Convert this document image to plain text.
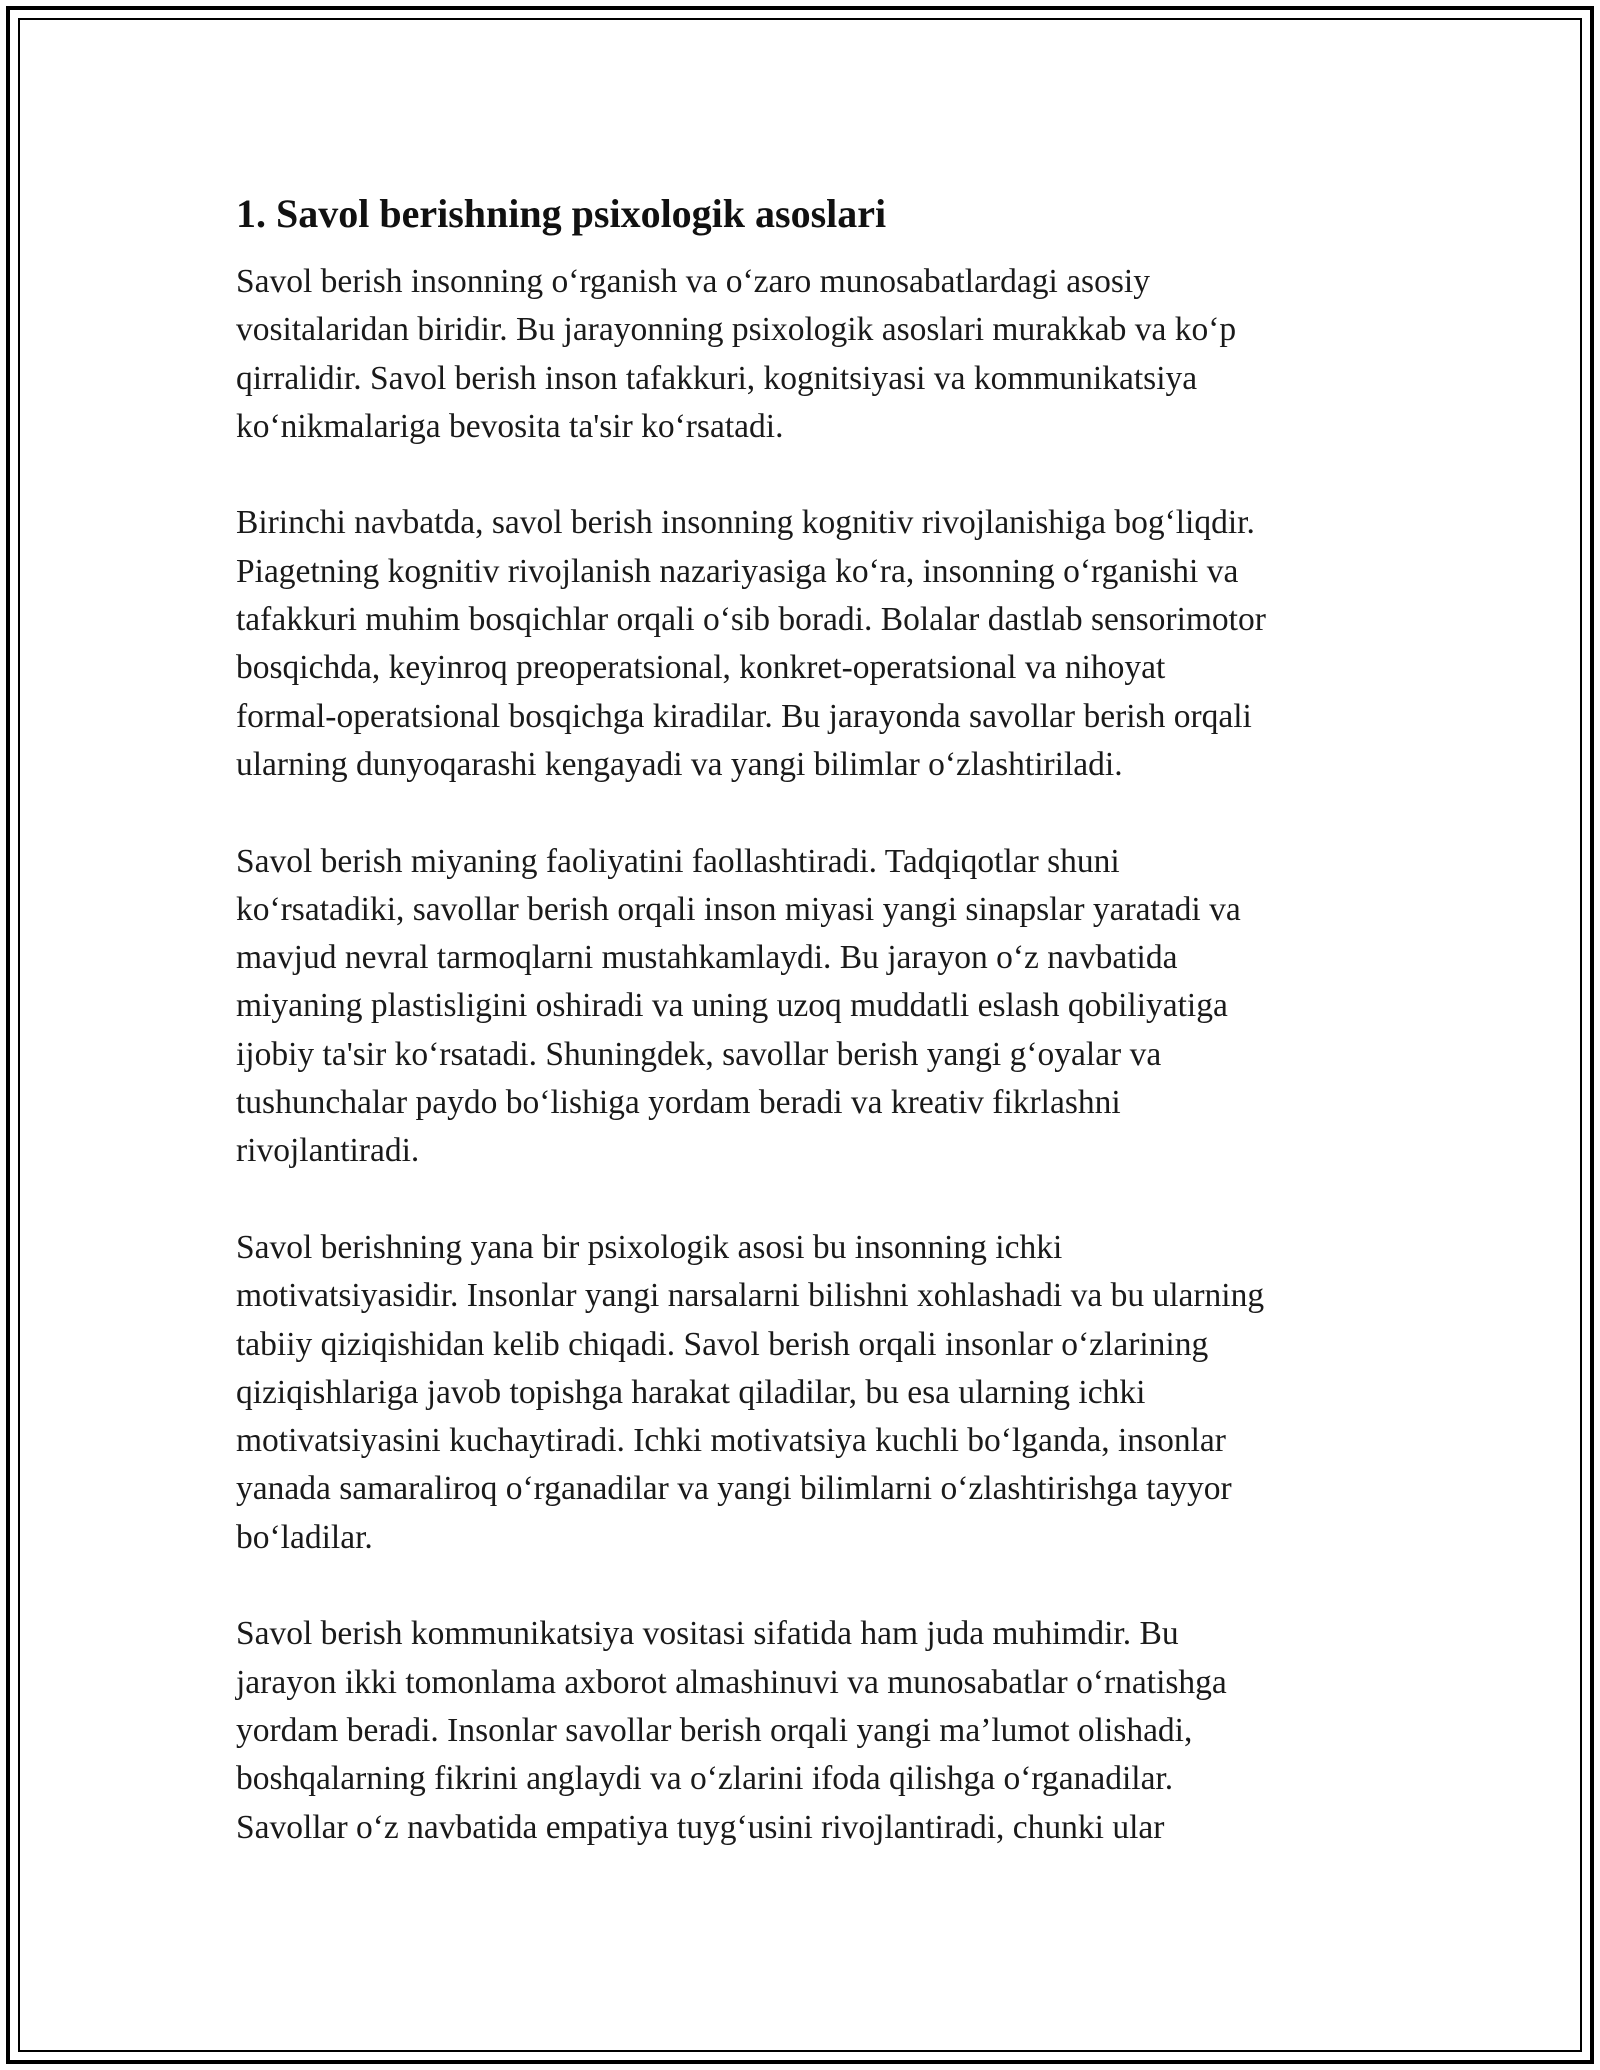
1. Savol berishning psixologik asoslari

Savol berish insonning o‘rganish va o‘zaro munosabatlardagi asosiy
vositalaridan biridir. Bu jarayonning psixologik asoslari murakkab va ko‘p
qirralidir. Savol berish inson tafakkuri, kognitsiyasi va kommunikatsiya
ko‘nikmalariga bevosita ta'sir ko‘rsatadi.

Birinchi navbatda, savol berish insonning kognitiv rivojlanishiga bog‘liqdir.
Piagetning kognitiv rivojlanish nazariyasiga ko‘ra, insonning o‘rganishi va
tafakkuri muhim bosqichlar orqali o‘sib boradi. Bolalar dastlab sensorimotor
bosqichda, keyinroq preoperatsional, konkret-operatsional va nihoyat
formal-operatsional bosqichga kiradilar. Bu jarayonda savollar berish orqali
ularning dunyoqarashi kengayadi va yangi bilimlar o‘zlashtiriladi.

Savol berish miyaning faoliyatini faollashtiradi. Tadqiqotlar shuni
ko‘rsatadiki, savollar berish orqali inson miyasi yangi sinapslar yaratadi va
mavjud nevral tarmoqlarni mustahkamlaydi. Bu jarayon o‘z navbatida
miyaning plastisligini oshiradi va uning uzoq muddatli eslash qobiliyatiga
ijobiy ta'sir ko‘rsatadi. Shuningdek, savollar berish yangi g‘oyalar va
tushunchalar paydo bo‘lishiga yordam beradi va kreativ fikrlashni
rivojlantiradi.

Savol berishning yana bir psixologik asosi bu insonning ichki
motivatsiyasidir. Insonlar yangi narsalarni bilishni xohlashadi va bu ularning
tabiiy qiziqishidan kelib chiqadi. Savol berish orqali insonlar o‘zlarining
qiziqishlariga javob topishga harakat qiladilar, bu esa ularning ichki
motivatsiyasini kuchaytiradi. Ichki motivatsiya kuchli bo‘lganda, insonlar
yanada samaraliroq o‘rganadilar va yangi bilimlarni o‘zlashtirishga tayyor
bo‘ladilar.

Savol berish kommunikatsiya vositasi sifatida ham juda muhimdir. Bu
jarayon ikki tomonlama axborot almashinuvi va munosabatlar o‘rnatishga
yordam beradi. Insonlar savollar berish orqali yangi ma’lumot olishadi,
boshqalarning fikrini anglaydi va o‘zlarini ifoda qilishga o‘rganadilar.
Savollar o‘z navbatida empatiya tuyg‘usini rivojlantiradi, chunki ular
